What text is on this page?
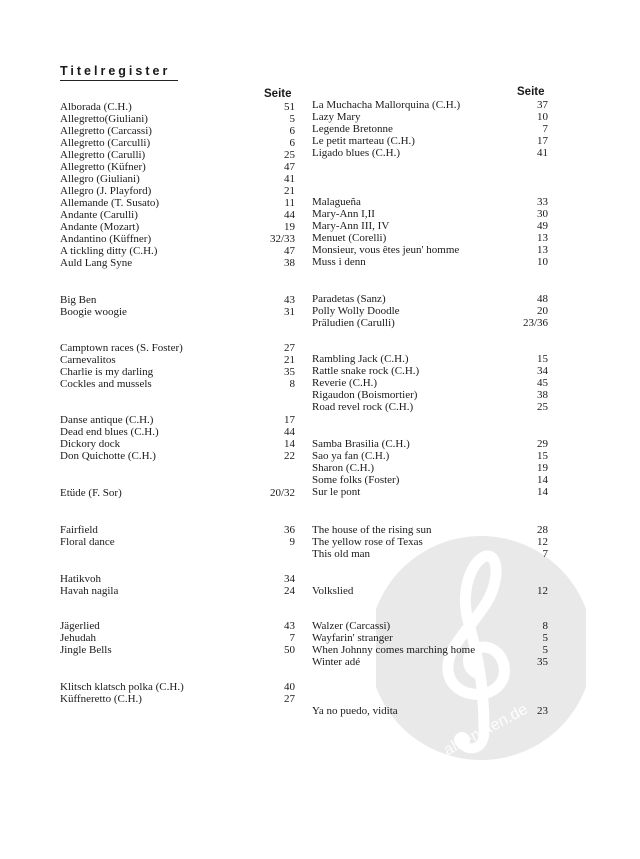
Titelregister
Seite	Seite
alle-noten.de
Alborada (C.H.)	51
Allegretto(Giuliani)	5
Allegretto (Carcassi)	6
Allegretto (Carculli)	6
Allegretto (Carulli)	25
Allegretto (Küfner)	47
Allegro (Giuliani)	41
Allegro (J. Playford)	21
Allemande (T. Susato)	11
Andante (Carulli)	44
Andante (Mozart)	19
Andantino (Küffner)	32/33
A tickling ditty (C.H.)	47
Auld Lang Syne	38
Big Ben	43
Boogie woogie	31
Camptown races (S. Foster)	27
Carnevalitos	21
Charlie is my darling	35
Cockles and mussels	8
Danse antique (C.H.)	17
Dead end blues (C.H.)	44
Dickory dock	14
Don Quichotte (C.H.)	22
Etüde (F. Sor)	20/32
Fairfield	36
Floral dance	9
Hatikvoh	34
Havah nagila	24
Jägerlied	43
Jehudah	7
Jingle Bells	50
Klitsch klatsch polka (C.H.)	40
Küffneretto (C.H.)	27
La Muchacha Mallorquina (C.H.)	37
Lazy Mary	10
Legende Bretonne	7
Le petit marteau (C.H.)	17
Ligado blues (C.H.)	41
Malagueña	33
Mary-Ann I,II	30
Mary-Ann III, IV	49
Menuet (Corelli)	13
Monsieur, vous êtes jeun' homme	13
Muss i denn	10
Paradetas (Sanz)	48
Polly Wolly Doodle	20
Präludien (Carulli)	23/36
Rambling Jack (C.H.)	15
Rattle snake rock (C.H.)	34
Reverie (C.H.)	45
Rigaudon (Boismortier)	38
Road revel rock (C.H.)	25
Samba Brasilia (C.H.)	29
Sao ya fan (C.H.)	15
Sharon (C.H.)	19
Some folks (Foster)	14
Sur le pont	14
The house of the rising sun	28
The yellow rose of Texas	12
This old man	7
Volkslied	12
Walzer (Carcassi)	8
Wayfarin' stranger	5
When Johnny comes marching home	5
Winter adé	35
Ya no puedo, vidita	23
